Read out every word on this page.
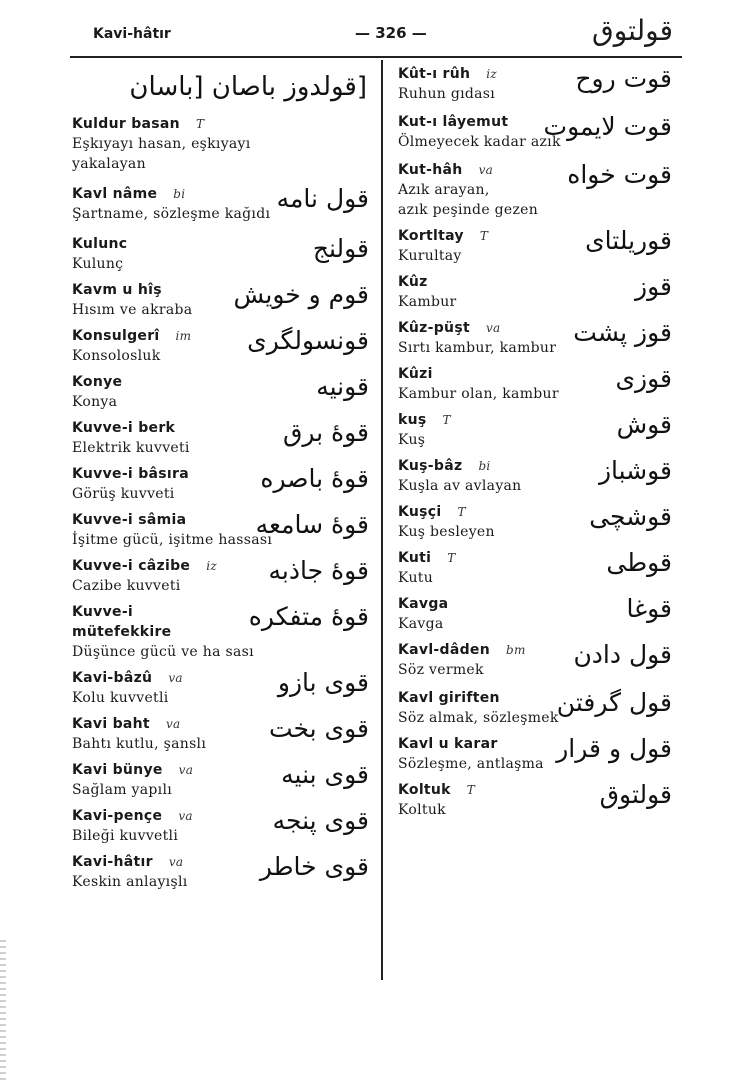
Kavi-hâtır	— 326 —	قولتوق
[قولدوز باصان [باسان
Kuldur basan T
Eşkıyayı hasan, eşkıyayı
yakalayan
Kavl nâme bi
Şartname, sözleşme kağıdı
قول نامه
Kulunc
Kulunç
قولنج
Kavm u hîş
Hısım ve akraba
قوم و خويش
Konsulgerî im
Konsolosluk
قونسولگری
Konye
Konya
قونيه
Kuvve-i berk
Elektrik kuvveti
قوۀ برق
Kuvve-i bâsıra
Görüş kuvveti
قوۀ باصره
Kuvve-i sâmia
İşitme gücü, işitme hassası
قوۀ سامعه
Kuvve-i câzibe iz
Cazibe kuvveti
قوۀ جاذبه
Kuvve-i
mütefekkire
Düşünce gücü ve ha sası
قوۀ متفكره
Kavi-bâzû va
Kolu kuvvetli
قوی بازو
Kavi baht va
Bahtı kutlu, şanslı
قوی بخت
Kavi bünye va
Sağlam yapılı
قوی بنيه
Kavi-pençe va
Bileği kuvvetli
قوی پنجه
Kavi-hâtır va
Keskin anlayışlı
قوی خاطر
Kût-ı rûh iz
Ruhun gıdası
قوت روح
Kut-ı lâyemut
Ölmeyecek kadar azık
قوت لايموت
Kut-hâh va
Azık arayan,
azık peşinde gezen
قوت خواه
Kortltay T
Kurultay
قوريلتای
Kûz
Kambur
قوز
Kûz-püşt va
Sırtı kambur, kambur
قوز پشت
Kûzi
Kambur olan, kambur
قوزی
kuş T
Kuş
قوش
Kuş-bâz bi
Kuşla av avlayan
قوشباز
Kuşçi T
Kuş besleyen
قوشچی
Kuti T
Kutu
قوطی
Kavga
Kavga
قوغا
Kavl-dâden bm
Söz vermek
قول دادن
Kavl giriften
Söz almak, sözleşmek
قول گرفتن
Kavl u karar
Sözleşme, antlaşma
قول و قرار
Koltuk T
Koltuk
قولتوق
